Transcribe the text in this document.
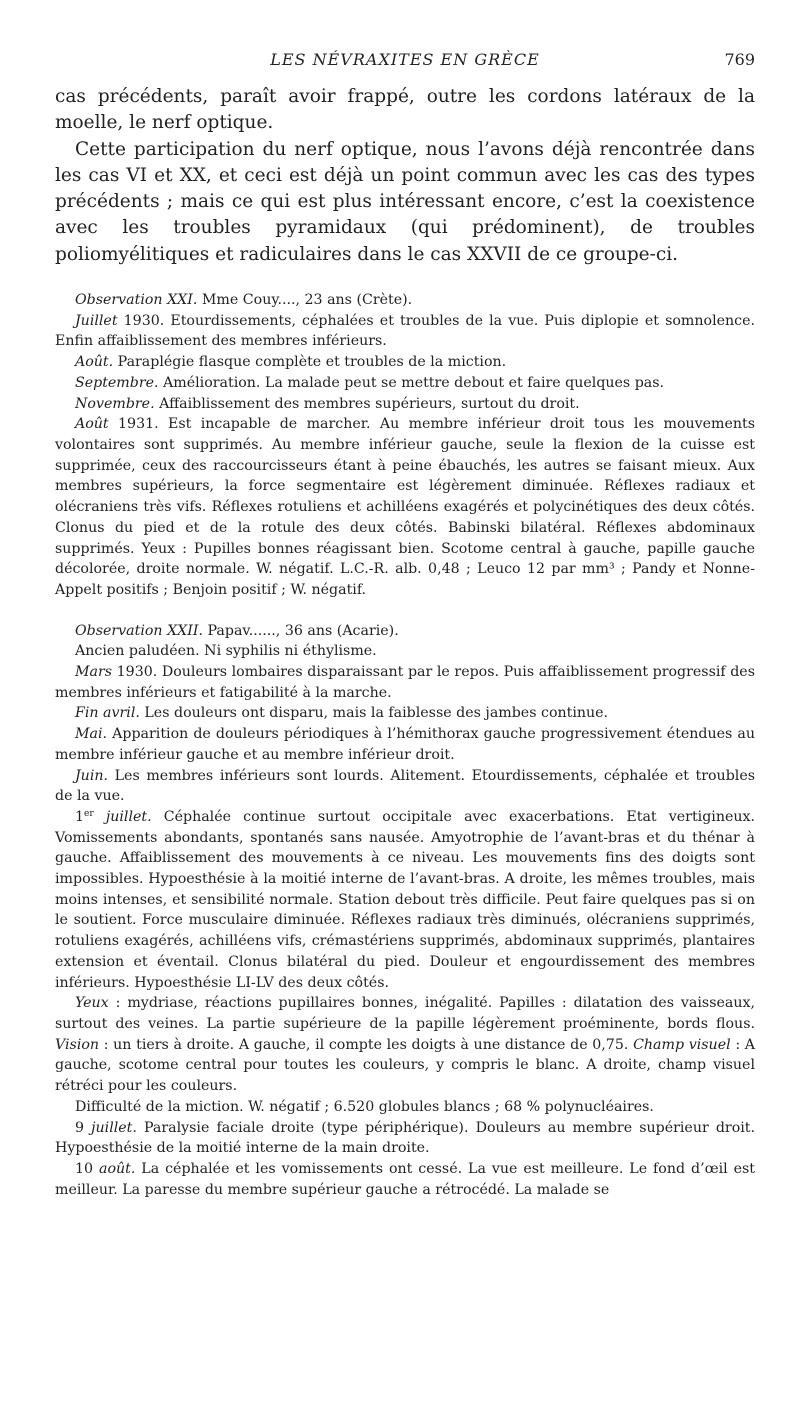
LES NÉVRAXITES EN GRÈCE	769

cas précédents, paraît avoir frappé, outre les cordons latéraux de la moelle, le nerf optique.

Cette participation du nerf optique, nous l’avons déjà rencontrée dans les cas VI et XX, et ceci est déjà un point commun avec les cas des types précédents ; mais ce qui est plus intéressant encore, c’est la coexistence avec les troubles pyramidaux (qui prédominent), de troubles poliomyélitiques et radiculaires dans le cas XXVII de ce groupe-ci.

Observation XXI. Mme Couy...., 23 ans (Crète).

Juillet 1930. Etourdissements, céphalées et troubles de la vue. Puis diplopie et somnolence. Enfin affaiblissement des membres inférieurs.

Août. Paraplégie flasque complète et troubles de la miction.

Septembre. Amélioration. La malade peut se mettre debout et faire quelques pas.

Novembre. Affaiblissement des membres supérieurs, surtout du droit.

Août 1931. Est incapable de marcher. Au membre inférieur droit tous les mouvements volontaires sont supprimés. Au membre inférieur gauche, seule la flexion de la cuisse est supprimée, ceux des raccourcisseurs étant à peine ébauchés, les autres se faisant mieux. Aux membres supérieurs, la force segmentaire est légèrement diminuée. Réflexes radiaux et olécraniens très vifs. Réflexes rotuliens et achilléens exagérés et polycinétiques des deux côtés. Clonus du pied et de la rotule des deux côtés. Babinski bilatéral. Réflexes abdominaux supprimés. Yeux : Pupilles bonnes réagissant bien. Scotome central à gauche, papille gauche décolorée, droite normale. W. négatif. L.C.-R. alb. 0,48 ; Leuco 12 par mm³ ; Pandy et Nonne-Appelt positifs ; Benjoin positif ; W. négatif.

Observation XXII. Papav......, 36 ans (Acarie).

Ancien paludéen. Ni syphilis ni éthylisme.

Mars 1930. Douleurs lombaires disparaissant par le repos. Puis affaiblissement progressif des membres inférieurs et fatigabilité à la marche.

Fin avril. Les douleurs ont disparu, mais la faiblesse des jambes continue.

Mai. Apparition de douleurs périodiques à l’hémithorax gauche progressivement étendues au membre inférieur gauche et au membre inférieur droit.

Juin. Les membres inférieurs sont lourds. Alitement. Etourdissements, céphalée et troubles de la vue.

1er juillet. Céphalée continue surtout occipitale avec exacerbations. Etat vertigineux. Vomissements abondants, spontanés sans nausée. Amyotrophie de l’avant-bras et du thénar à gauche. Affaiblissement des mouvements à ce niveau. Les mouvements fins des doigts sont impossibles. Hypoesthésie à la moitié interne de l’avant-bras. A droite, les mêmes troubles, mais moins intenses, et sensibilité normale. Station debout très difficile. Peut faire quelques pas si on le soutient. Force musculaire diminuée. Réflexes radiaux très diminués, olécraniens supprimés, rotuliens exagérés, achilléens vifs, crémastériens supprimés, abdominaux supprimés, plantaires extension et éventail. Clonus bilatéral du pied. Douleur et engourdissement des membres inférieurs. Hypoesthésie LI-LV des deux côtés.

Yeux : mydriase, réactions pupillaires bonnes, inégalité. Papilles : dilatation des vaisseaux, surtout des veines. La partie supérieure de la papille légèrement proéminente, bords flous. Vision : un tiers à droite. A gauche, il compte les doigts à une distance de 0,75. Champ visuel : A gauche, scotome central pour toutes les couleurs, y compris le blanc. A droite, champ visuel rétréci pour les couleurs.

Difficulté de la miction. W. négatif ; 6.520 globules blancs ; 68 % polynucléaires.

9 juillet. Paralysie faciale droite (type périphérique). Douleurs au membre supérieur droit. Hypoesthésie de la moitié interne de la main droite.

10 août. La céphalée et les vomissements ont cessé. La vue est meilleure. Le fond d’œil est meilleur. La paresse du membre supérieur gauche a rétrocédé. La malade se
